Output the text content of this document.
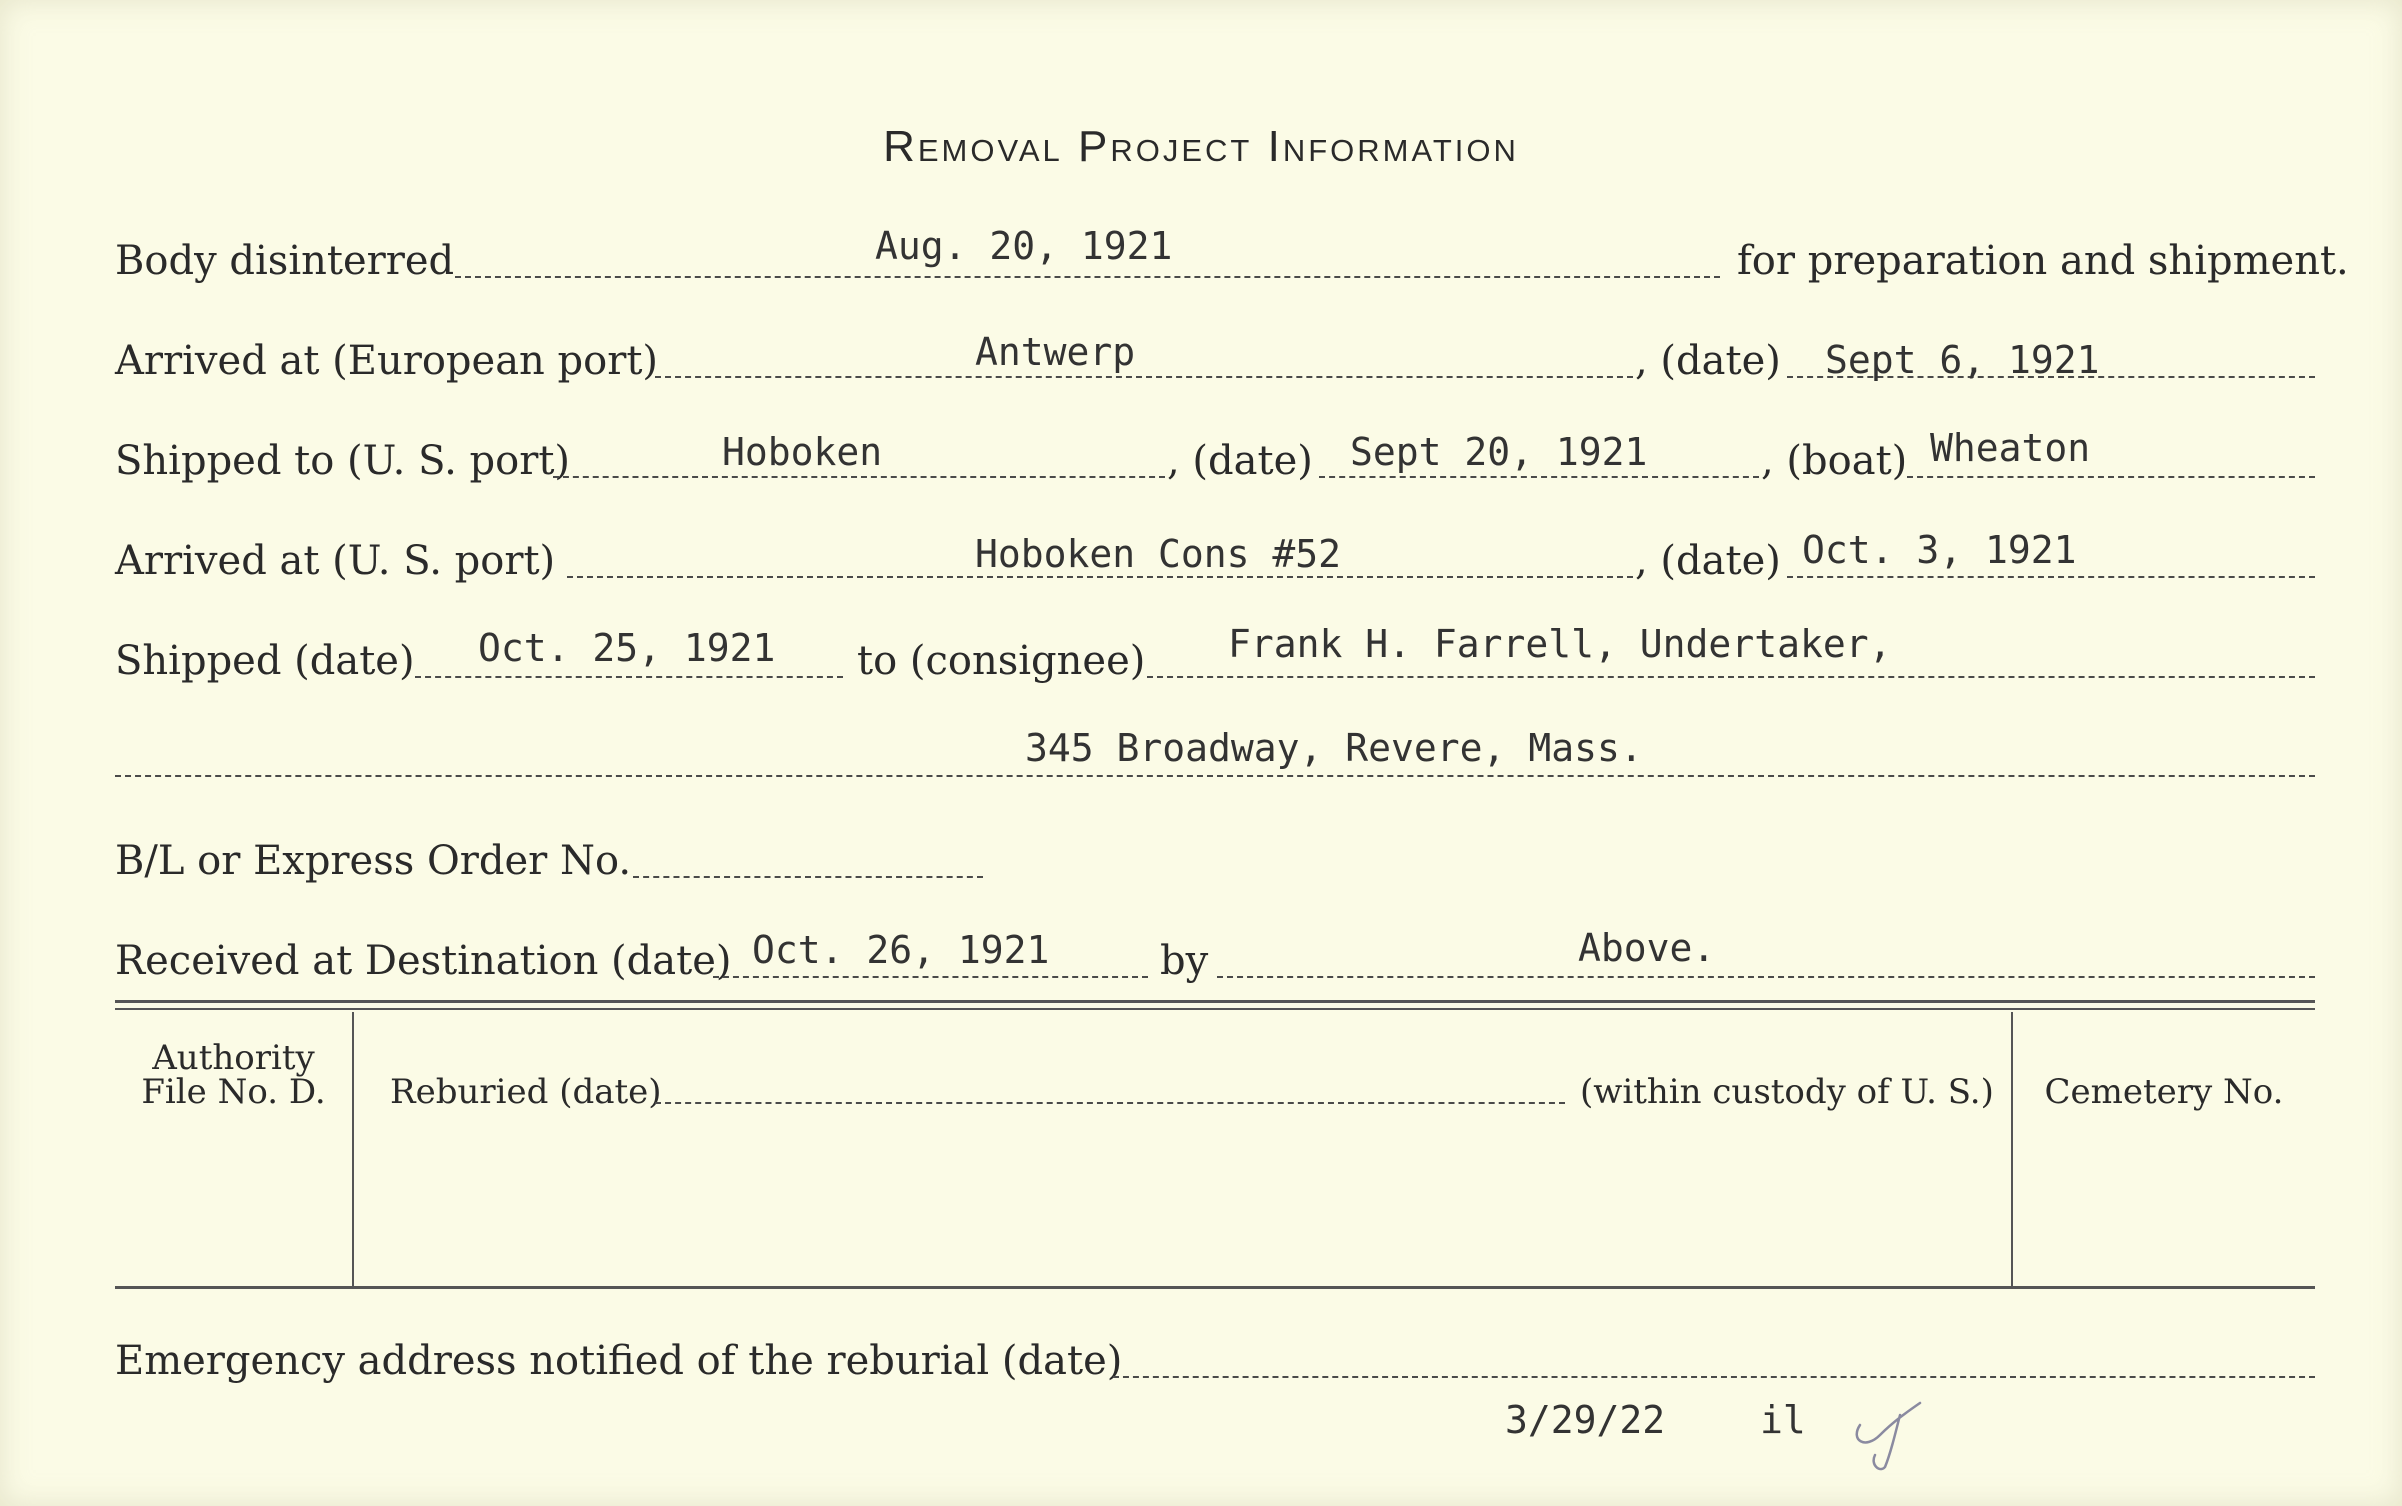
Removal Project Information
Body disinterred	Aug. 20, 1921	for preparation and shipment.
Arrived at (European port)	Antwerp	, (date) Sept 6, 1921
Shipped to (U. S. port)	Hoboken	, (date) Sept 20, 1921	, (boat) Wheaton
Arrived at (U. S. port)	Hoboken Cons #52	, (date) Oct. 3, 1921
Shipped (date) Oct. 25, 1921 to (consignee) Frank H. Farrell, Undertaker,
345 Broadway, Revere, Mass.
B/L or Express Order No.
Received at Destination (date) Oct. 26, 1921	by	Above.
Authority
File No. D.	Reburied (date)	(within custody of U. S.)	Cemetery No.
Emergency address notified of the reburial (date)
3/29/22 il
